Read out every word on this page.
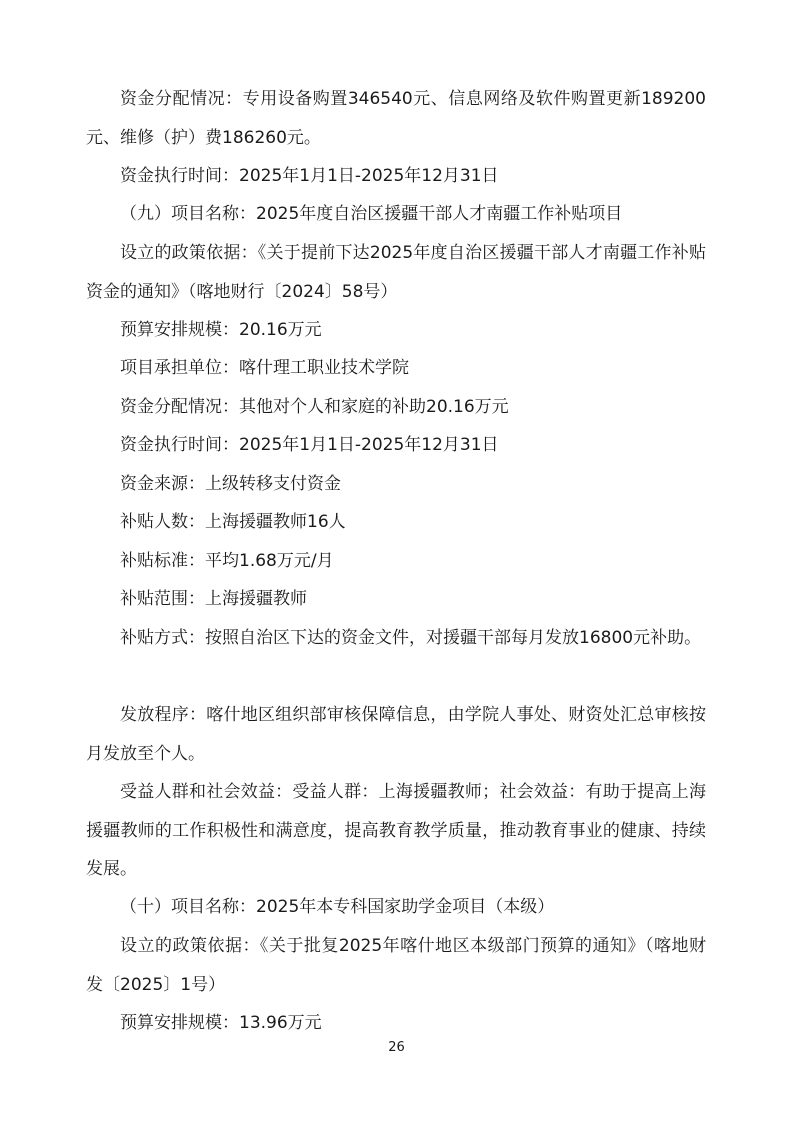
资金分配情况：专用设备购置346540元、信息网络及软件购置更新189200元、维修（护）费186260元。
资金执行时间：2025年1月1日-2025年12月31日
（九）项目名称：2025年度自治区援疆干部人才南疆工作补贴项目
设立的政策依据：《关于提前下达2025年度自治区援疆干部人才南疆工作补贴资金的通知》（喀地财行〔2024〕58号）
预算安排规模：20.16万元
项目承担单位：喀什理工职业技术学院
资金分配情况：其他对个人和家庭的补助20.16万元
资金执行时间：2025年1月1日-2025年12月31日
资金来源：上级转移支付资金
补贴人数：上海援疆教师16人
补贴标准：平均1.68万元/月
补贴范围：上海援疆教师
补贴方式：按照自治区下达的资金文件，对援疆干部每月发放16800元补助。
发放程序：喀什地区组织部审核保障信息，由学院人事处、财资处汇总审核按月发放至个人。
受益人群和社会效益：受益人群：上海援疆教师；社会效益：有助于提高上海援疆教师的工作积极性和满意度，提高教育教学质量，推动教育事业的健康、持续发展。
（十）项目名称：2025年本专科国家助学金项目（本级）
设立的政策依据：《关于批复2025年喀什地区本级部门预算的通知》（喀地财发〔2025〕1号）
预算安排规模：13.96万元
26
